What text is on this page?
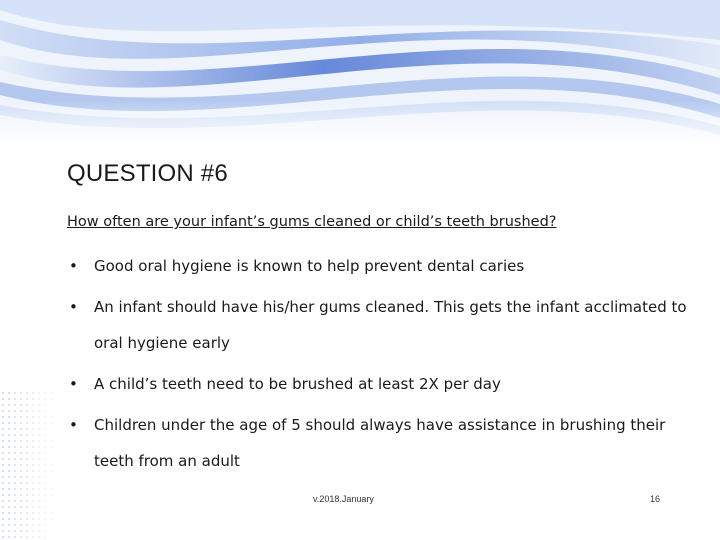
QUESTION #6
How often are your infant’s gums cleaned or child’s teeth brushed?
• Good oral hygiene is known to help prevent dental caries
• An infant should have his/her gums cleaned. This gets the infant acclimated to oral hygiene early
• A child’s teeth need to be brushed at least 2X per day
• Children under the age of 5 should always have assistance in brushing their teeth from an adult
v.2018.January	16
